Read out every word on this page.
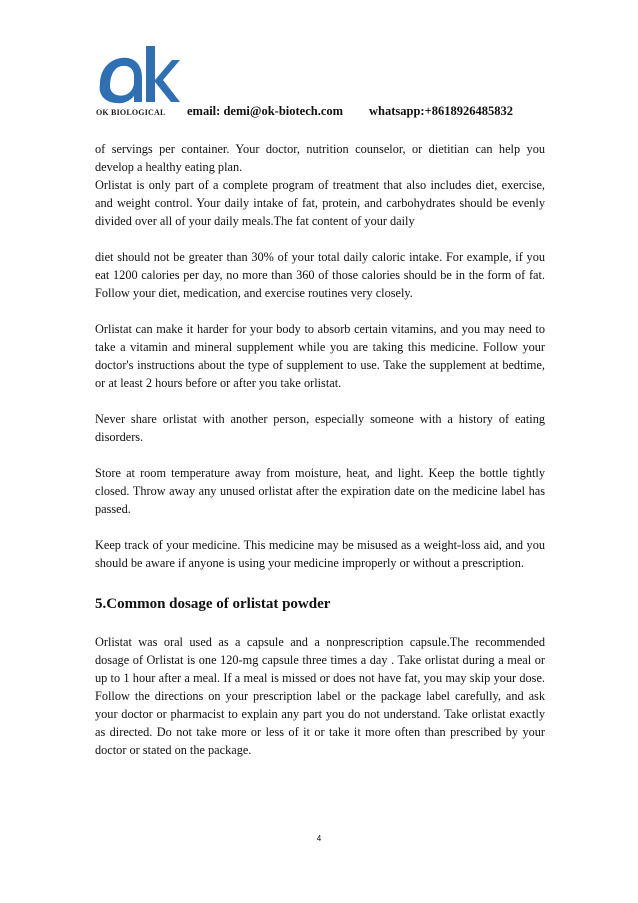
OK BIOLOGICAL email: demi@ok-biotech.com whatsapp:+8618926485832

of servings per container. Your doctor, nutrition counselor, or dietitian can help you develop a healthy eating plan.

Orlistat is only part of a complete program of treatment that also includes diet, exercise, and weight control. Your daily intake of fat, protein, and carbohydrates should be evenly divided over all of your daily meals.The fat content of your daily

diet should not be greater than 30% of your total daily caloric intake. For example, if you eat 1200 calories per day, no more than 360 of those calories should be in the form of fat. Follow your diet, medication, and exercise routines very closely.

Orlistat can make it harder for your body to absorb certain vitamins, and you may need to take a vitamin and mineral supplement while you are taking this medicine. Follow your doctor's instructions about the type of supplement to use. Take the supplement at bedtime, or at least 2 hours before or after you take orlistat.

Never share orlistat with another person, especially someone with a history of eating disorders.

Store at room temperature away from moisture, heat, and light. Keep the bottle tightly closed. Throw away any unused orlistat after the expiration date on the medicine label has passed.

Keep track of your medicine. This medicine may be misused as a weight-loss aid, and you should be aware if anyone is using your medicine improperly or without a prescription.

5.Common dosage of orlistat powder

Orlistat was oral used as a capsule and a nonprescription capsule.The recommended dosage of Orlistat is one 120-mg capsule three times a day . Take orlistat during a meal or up to 1 hour after a meal. If a meal is missed or does not have fat, you may skip your dose. Follow the directions on your prescription label or the package label carefully, and ask your doctor or pharmacist to explain any part you do not understand. Take orlistat exactly as directed. Do not take more or less of it or take it more often than prescribed by your doctor or stated on the package.

4
